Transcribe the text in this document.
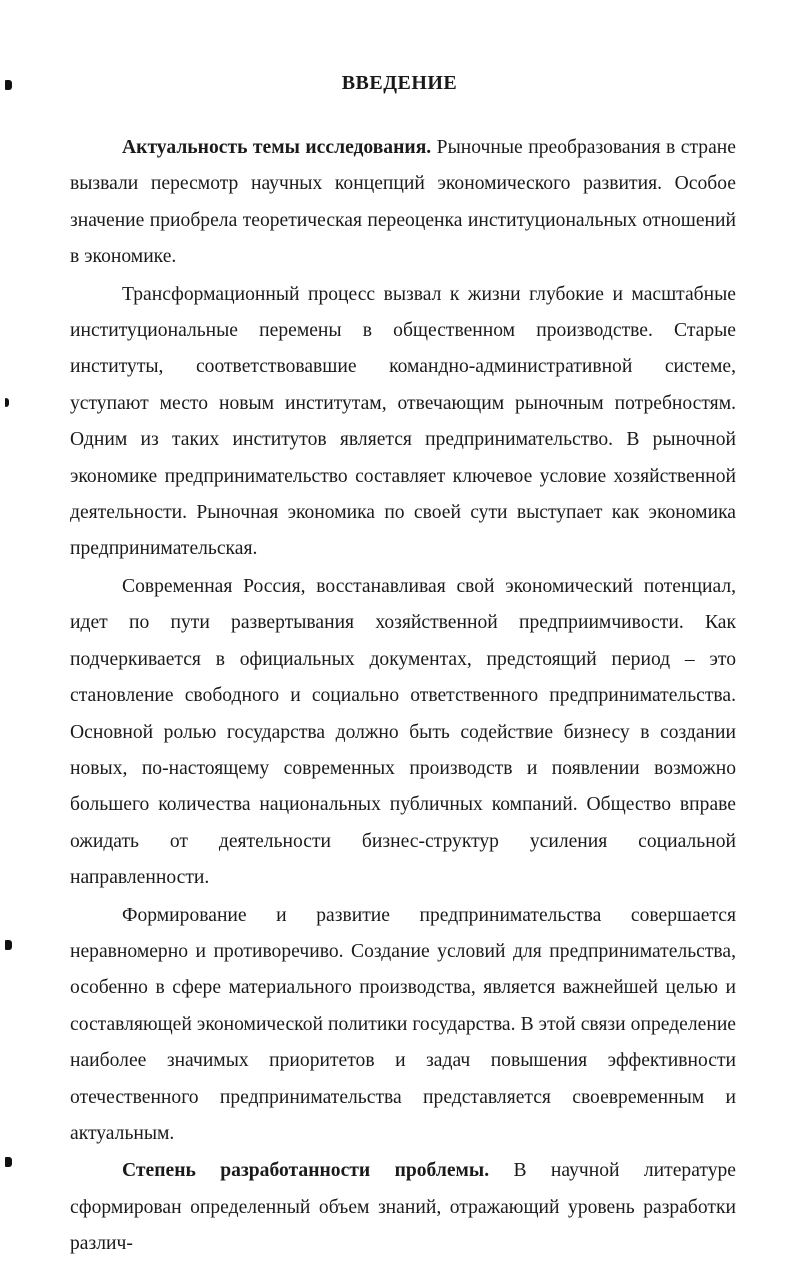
ВВЕДЕНИЕ

Актуальность темы исследования. Рыночные преобразования в стране вызвали пересмотр научных концепций экономического развития. Особое значение приобрела теоретическая переоценка институциональных отношений в экономике.

Трансформационный процесс вызвал к жизни глубокие и масштабные институциональные перемены в общественном производстве. Старые институты, соответствовавшие командно-административной системе, уступают место новым институтам, отвечающим рыночным потребностям. Одним из таких институтов является предпринимательство. В рыночной экономике предпринимательство составляет ключевое условие хозяйственной деятельности. Рыночная экономика по своей сути выступает как экономика предпринимательская.

Современная Россия, восстанавливая свой экономический потенциал, идет по пути развертывания хозяйственной предприимчивости. Как подчеркивается в официальных документах, предстоящий период – это становление свободного и социально ответственного предпринимательства. Основной ролью государства должно быть содействие бизнесу в создании новых, по-настоящему современных производств и появлении возможно большего количества национальных публичных компаний. Общество вправе ожидать от деятельности бизнес-структур усиления социальной направленности.

Формирование и развитие предпринимательства совершается неравномерно и противоречиво. Создание условий для предпринимательства, особенно в сфере материального производства, является важнейшей целью и составляющей экономической политики государства. В этой связи определение наиболее значимых приоритетов и задач повышения эффективности отечественного предпринимательства представляется своевременным и актуальным.

Степень разработанности проблемы. В научной литературе сформирован определенный объем знаний, отражающий уровень разработки различ-
